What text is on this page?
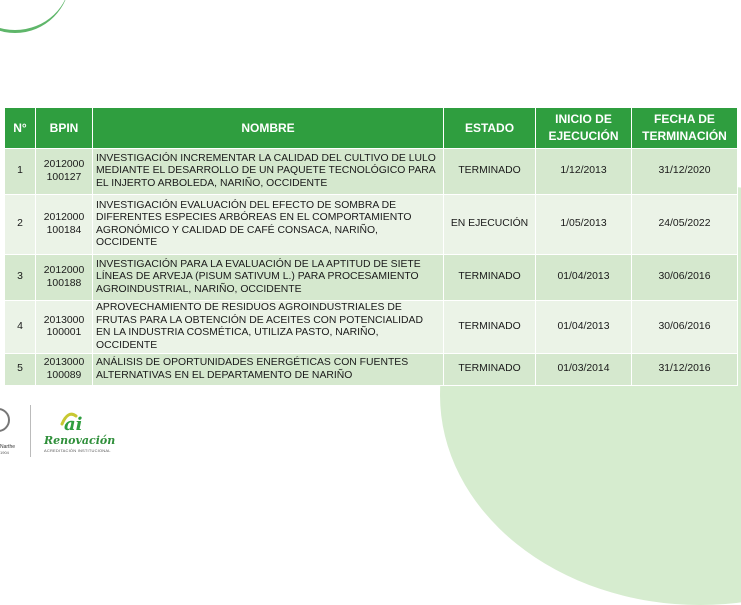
N°	BPIN	NOMBRE	ESTADO	INICIO DE EJECUCIÓN	FECHA DE TERMINACIÓN
1	2012000100127	INVESTIGACIÓN INCREMENTAR LA CALIDAD DEL CULTIVO DE LULO MEDIANTE EL DESARROLLO DE UN PAQUETE TECNOLÓGICO PARA EL INJERTO ARBOLEDA, NARIÑO, OCCIDENTE	TERMINADO	1/12/2013	31/12/2020
2	2012000100184	INVESTIGACIÓN EVALUACIÓN DEL EFECTO DE SOMBRA DE DIFERENTES ESPECIES ARBÓREAS EN EL COMPORTAMIENTO AGRONÓMICO Y CALIDAD DE CAFÉ CONSACA, NARIÑO, OCCIDENTE	EN EJECUCIÓN	1/05/2013	24/05/2022
3	2012000100188	INVESTIGACIÓN PARA LA EVALUACIÓN DE LA APTITUD DE SIETE LÍNEAS DE ARVEJA (PISUM SATIVUM L.) PARA PROCESAMIENTO AGROINDUSTRIAL, NARIÑO, OCCIDENTE	TERMINADO	01/04/2013	30/06/2016
4	2013000100001	APROVECHAMIENTO DE RESIDUOS AGROINDUSTRIALES DE FRUTAS PARA LA OBTENCIÓN DE ACEITES CON POTENCIALIDAD EN LA INDUSTRIA COSMÉTICA, UTILIZA PASTO, NARIÑO, OCCIDENTE	TERMINADO	01/04/2013	30/06/2016
5	2013000100089	ANÁLISIS DE OPORTUNIDADES ENERGÉTICAS CON FUENTES ALTERNATIVAS EN EL DEPARTAMENTO DE NARIÑO	TERMINADO	01/03/2014	31/12/2016
Narthe
1904
ai
Renovación
ACREDITACIÓN INSTITUCIONAL
